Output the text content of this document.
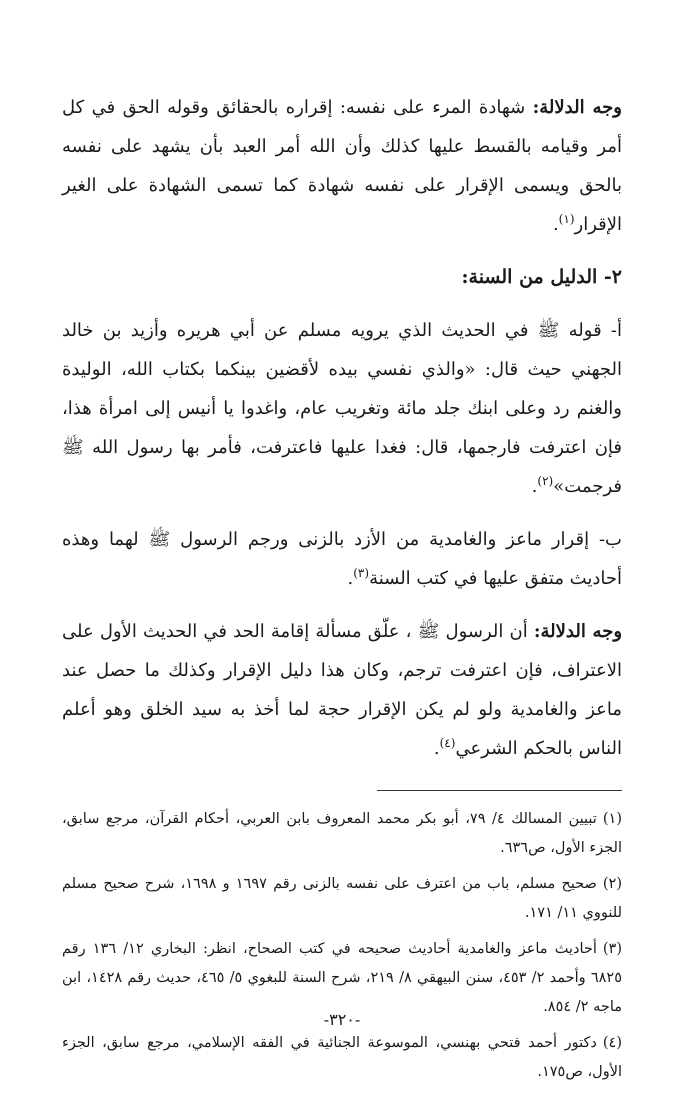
وجه الدلالة: شهادة المرء على نفسه: إقراره بالحقائق وقوله الحق في كل أمر وقيامه بالقسط عليها كذلك وأن الله أمر العبد بأن يشهد على نفسه بالحق ويسمى الإقرار على نفسه شهادة كما تسمى الشهادة على الغير الإقرار$^{(١)}$.

٢- الدليل من السنة:

أ- قوله ﷺ في الحديث الذي يرويه مسلم عن أبي هريره وأزيد بن خالد الجهني حيث قال: «والذي نفسي بيده لأقضين بينكما بكتاب الله، الوليدة والغنم رد وعلى ابنك جلد مائة وتغريب عام، واغدوا يا أنيس إلى امرأة هذا، فإن اعترفت فارجمها، قال: فغدا عليها فاعترفت، فأمر بها رسول الله ﷺ فرجمت»$^{(٢)}$.

ب- إقرار ماعز والغامدية من الأزد بالزنى ورجم الرسول ﷺ لهما وهذه أحاديث متفق عليها في كتب السنة$^{(٣)}$.

وجه الدلالة: أن الرسول ﷺ ، علّق مسألة إقامة الحد في الحديث الأول على الاعتراف، فإن اعترفت ترجم، وكان هذا دليل الإقرار وكذلك ما حصل عند ماعز والغامدية ولو لم يكن الإقرار حجة لما أخذ به سيد الخلق وهو أعلم الناس بالحكم الشرعي$^{(٤)}$.

(١)تبيين المسالك ٤/ ٧٩، أبو بكر محمد المعروف بابن العربي، أحكام القرآن، مرجع سابق، الجزء الأول، ص٦٣٦.

(٢)صحيح مسلم، باب من اعترف على نفسه بالزنى رقم ١٦٩٧ و ١٦٩٨، شرح صحيح مسلم للنووي ١١/ ١٧١.

(٣)أحاديث ماعز والغامدية أحاديث صحيحه في كتب الصحاح، انظر: البخاري ١٢/ ١٣٦ رقم ٦٨٢٥ وأحمد ٢/ ٤٥٣، سنن البيهقي ٨/ ٢١٩، شرح السنة للبغوي ٥/ ٤٦٥، حديث رقم ١٤٢٨، ابن ماجه ٢/ ٨٥٤.

(٤)دكتور أحمد فتحي بهنسي، الموسوعة الجنائية في الفقه الإسلامي، مرجع سابق، الجزء الأول، ص١٧٥.

-٣٢٠-
